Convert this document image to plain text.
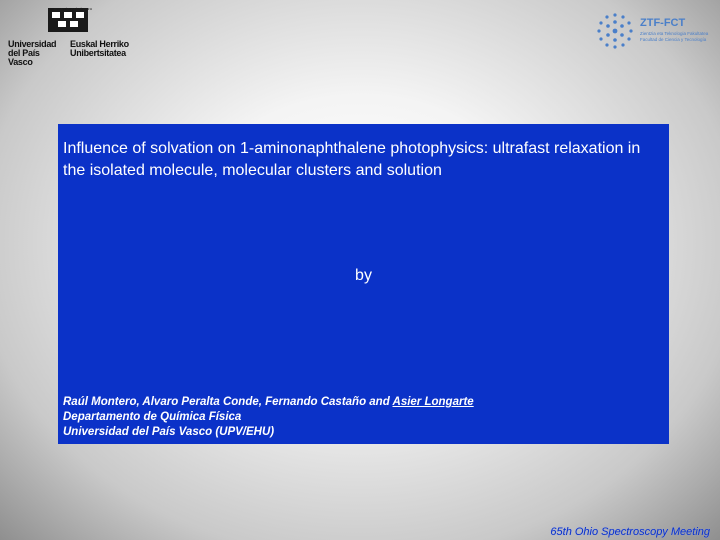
eman ta zabal zazu
Universidad del País Vasco
Euskal Herriko Unibertsitatea
ZTF-FCT
Zientzia eta Teknologia Fakultatea Facultad de Ciencia y Tecnología
Influence of solvation on 1-aminonaphthalene photophysics: ultrafast relaxation in the isolated molecule, molecular clusters and solution
by
Raúl Montero, Alvaro Peralta Conde, Fernando Castaño and Asier Longarte
Departamento de Química Física
Universidad del País Vasco (UPV/EHU)
65th Ohio Spectroscopy Meeting
